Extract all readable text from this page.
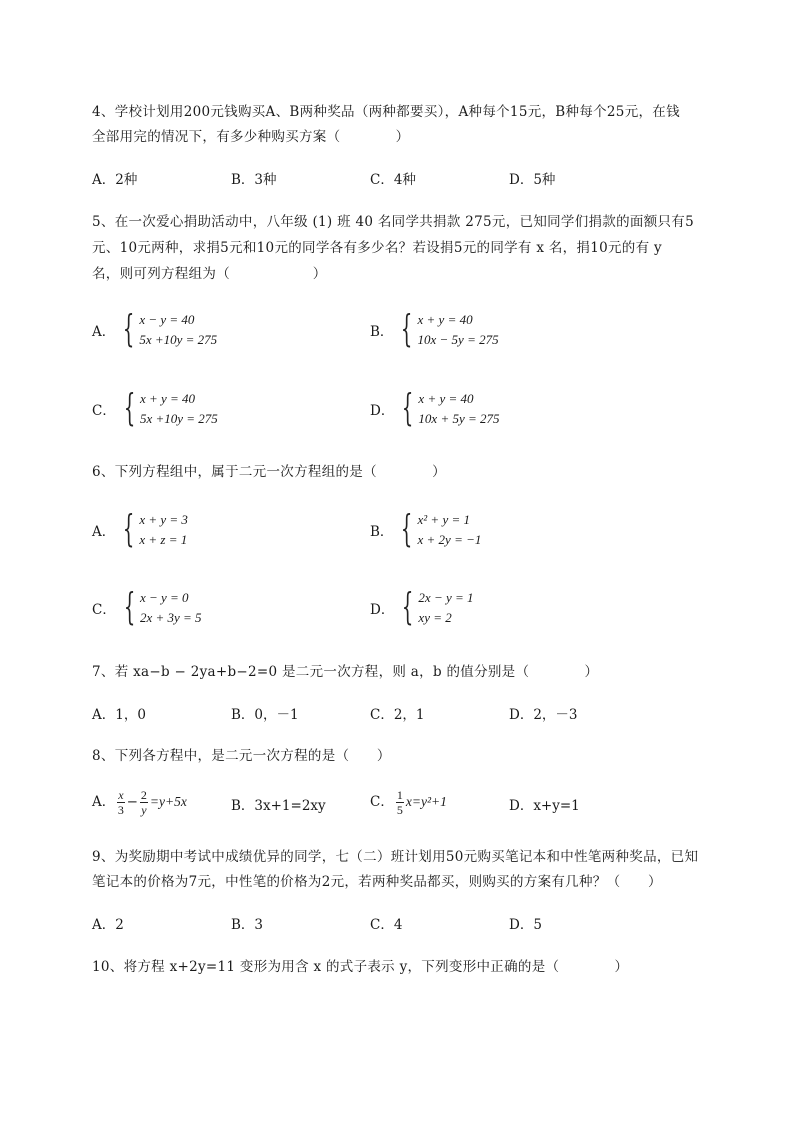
4、学校计划用200元钱购买A、B两种奖品（两种都要买），A种每个15元，B种每个25元，在钱
全部用完的情况下，有多少种购买方案（　　　　）
A．2种	B．3种	C．4种	D．5种
5、在一次爱心捐助活动中，八年级 (1) 班 40 名同学共捐款 275元，已知同学们捐款的面额只有5
元、10元两种，求捐5元和10元的同学各有多少名？若设捐5元的同学有 x 名，捐10元的有 y
名，则可列方程组为（　　　　　　）
A． { x − y = 40
5x +10y = 275	B． { x + y = 40
10x − 5y = 275
C． { x + y = 40
5x +10y = 275	D． { x + y = 40
10x + 5y = 275
6、下列方程组中，属于二元一次方程组的是（　　　　）
A． { x + y = 3
x + z = 1	B． { x² + y = 1
x + 2y = −1
C． { x − y = 0
2x + 3y = 5	D． { 2x − y = 1
xy = 2
7、若 xa−b − 2ya+b−2=0 是二元一次方程，则 a，b 的值分别是（　　　　）
A．1，0	B．0，－1	C．2，1	D．2，－3
8、下列各方程中，是二元一次方程的是（　　）
A． $\frac{x}{3} - \frac{2}{y} =y+5x$	B．3x+1=2xy	C． $\frac{1}{5} x=y^2+1$	D．x+y=1
9、为奖励期中考试中成绩优异的同学，七（二）班计划用50元购买笔记本和中性笔两种奖品，已知
笔记本的价格为7元，中性笔的价格为2元，若两种奖品都买，则购买的方案有几种？（　　）
A．2	B．3	C．4	D．5
10、将方程 x+2y=11 变形为用含 x 的式子表示 y，下列变形中正确的是（　　　　）
